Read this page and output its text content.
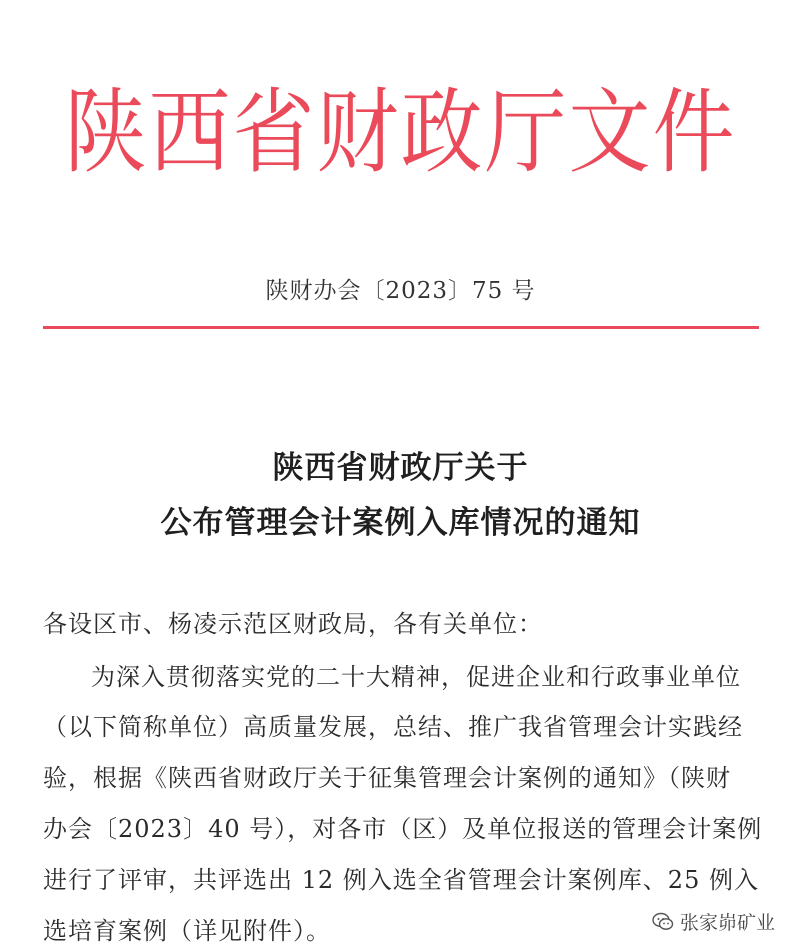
陕西省财政厅文件
陕财办会〔2023〕75 号
陕西省财政厅关于
公布管理会计案例入库情况的通知
各设区市、杨凌示范区财政局，各有关单位：
为深入贯彻落实党的二十大精神，促进企业和行政事业单位
（以下简称单位）高质量发展，总结、推广我省管理会计实践经
验，根据《陕西省财政厅关于征集管理会计案例的通知》（陕财
办会〔2023〕40 号），对各市（区）及单位报送的管理会计案例
进行了评审，共评选出 12 例入选全省管理会计案例库、25 例入
选培育案例（详见附件）。	张家峁矿业
